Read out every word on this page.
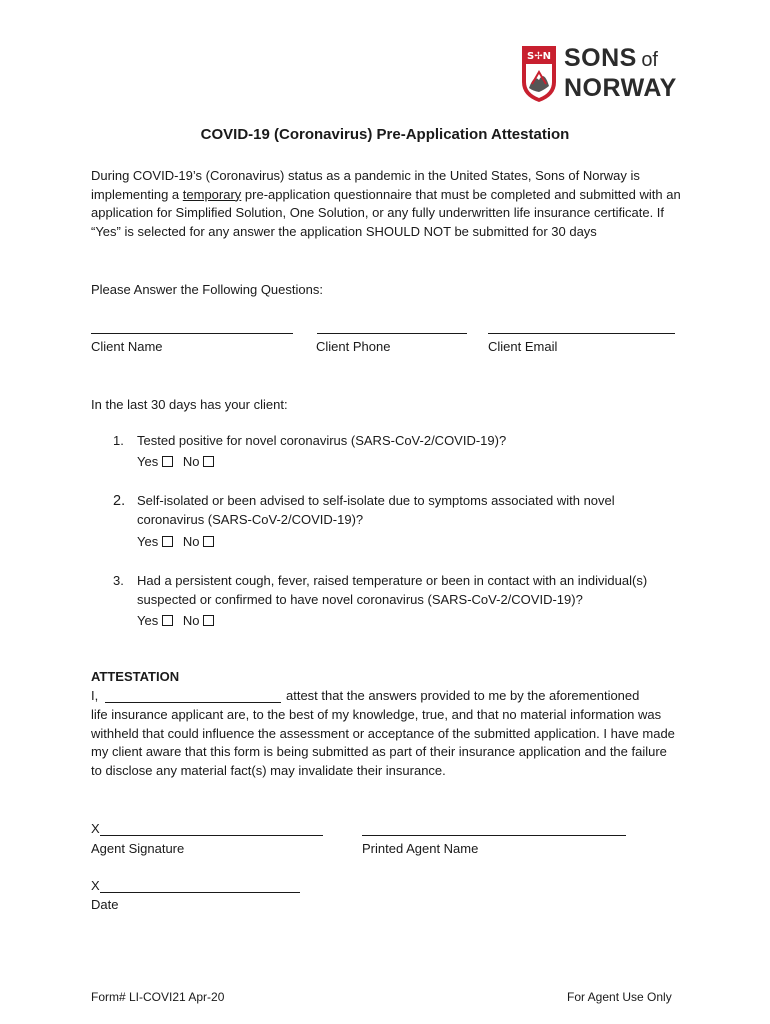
S✢N SONS of
NORWAY
COVID-19 (Coronavirus) Pre-Application Attestation
During COVID-19’s (Coronavirus) status as a pandemic in the United States, Sons of Norway is implementing a temporary pre-application questionnaire that must be completed and submitted with an application for Simplified Solution, One Solution, or any fully underwritten life insurance certificate. If “Yes” is selected for any answer the application SHOULD NOT be submitted for 30 days
Please Answer the Following Questions:
Client Name	Client Phone	Client Email
In the last 30 days has your client:
1. Tested positive for novel coronavirus (SARS-CoV-2/COVID-19)?
Yes No
2. Self-isolated or been advised to self-isolate due to symptoms associated with novel coronavirus (SARS-CoV-2/COVID-19)?
Yes No
3. Had a persistent cough, fever, raised temperature or been in contact with an individual(s) suspected or confirmed to have novel coronavirus (SARS-CoV-2/COVID-19)?
Yes No
ATTESTATION
I,	attest that the answers provided to me by the aforementioned
life insurance applicant are, to the best of my knowledge, true, and that no material information was withheld that could influence the assessment or acceptance of the submitted application. I have made my client aware that this form is being submitted as part of their insurance application and the failure to disclose any material fact(s) may invalidate their insurance.
X
Agent Signature	Printed Agent Name
X
Date
Form# LI-COVI21 Apr-20	For Agent Use Only
